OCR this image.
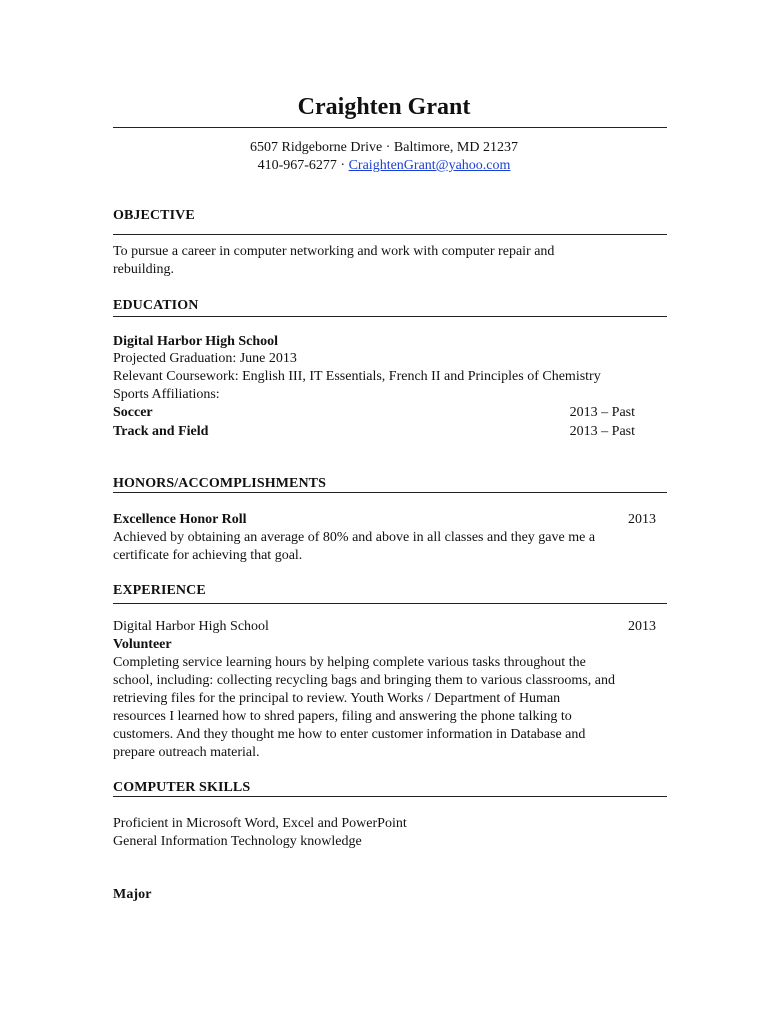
Craighten Grant
6507 Ridgeborne Drive · Baltimore, MD 21237
410-967-6277 · CraightenGrant@yahoo.com
OBJECTIVE
To pursue a career in computer networking and work with computer repair and
rebuilding.
EDUCATION
Digital Harbor High School
Projected Graduation: June 2013
Relevant Coursework: English III, IT Essentials, French II and Principles of Chemistry
Sports Affiliations:
Soccer	2013 – Past
Track and Field	2013 – Past
HONORS/ACCOMPLISHMENTS
Excellence Honor Roll	2013
Achieved by obtaining an average of 80% and above in all classes and they gave me a
certificate for achieving that goal.
EXPERIENCE
Digital Harbor High School	2013
Volunteer
Completing service learning hours by helping complete various tasks throughout the
school, including: collecting recycling bags and bringing them to various classrooms, and
retrieving files for the principal to review. Youth Works / Department of Human
resources I learned how to shred papers, filing and answering the phone talking to
customers. And they thought me how to enter customer information in Database and
prepare outreach material.
COMPUTER SKILLS
Proficient in Microsoft Word, Excel and PowerPoint
General Information Technology knowledge
Major
